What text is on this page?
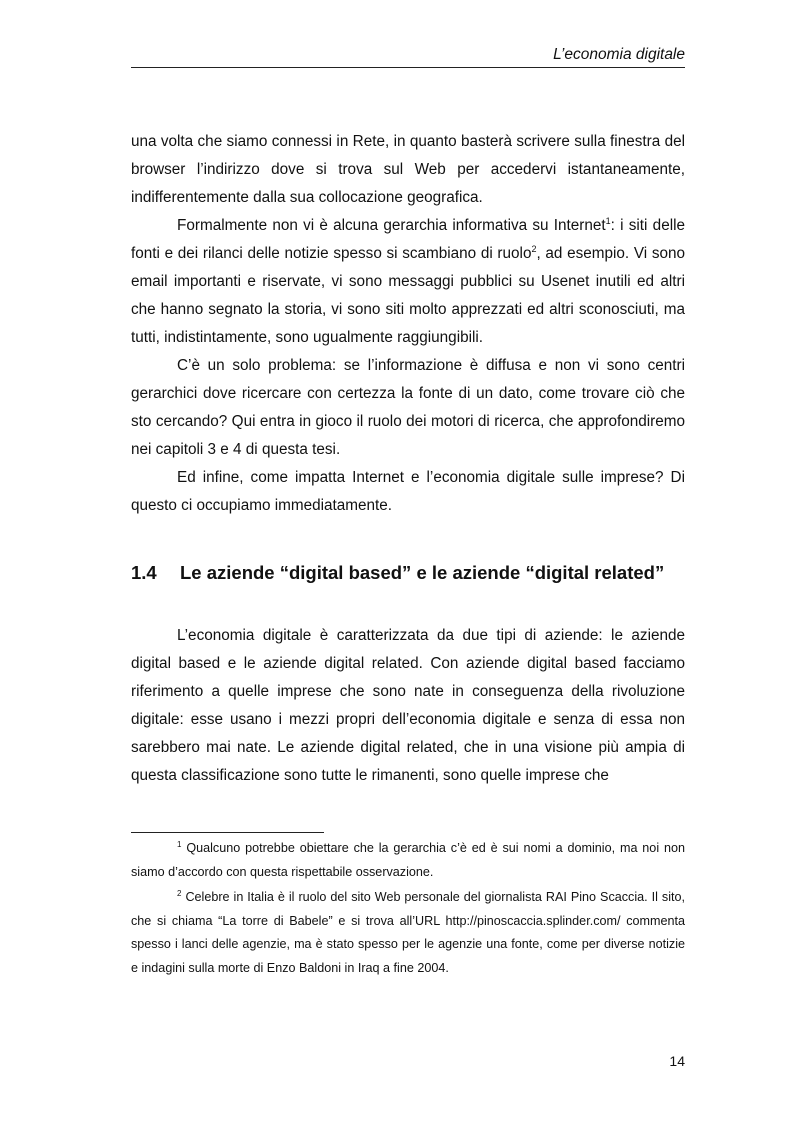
L’economia digitale

una volta che siamo connessi in Rete, in quanto basterà scrivere sulla finestra del browser l’indirizzo dove si trova sul Web per accedervi istantaneamente, indifferentemente dalla sua collocazione geografica.

Formalmente non vi è alcuna gerarchia informativa su Internet$^1$: i siti delle fonti e dei rilanci delle notizie spesso si scambiano di ruolo$^2$, ad esempio. Vi sono email importanti e riservate, vi sono messaggi pubblici su Usenet inutili ed altri che hanno segnato la storia, vi sono siti molto apprezzati ed altri sconosciuti, ma tutti, indistintamente, sono ugualmente raggiungibili.

C’è un solo problema: se l’informazione è diffusa e non vi sono centri gerarchici dove ricercare con certezza la fonte di un dato, come trovare ciò che sto cercando? Qui entra in gioco il ruolo dei motori di ricerca, che approfondiremo nei capitoli 3 e 4 di questa tesi.

Ed infine, come impatta Internet e l’economia digitale sulle imprese? Di questo ci occupiamo immediatamente.

1.4 Le aziende “digital based” e le aziende “digital related”

L’economia digitale è caratterizzata da due tipi di aziende: le aziende digital based e le aziende digital related. Con aziende digital based facciamo riferimento a quelle imprese che sono nate in conseguenza della rivoluzione digitale: esse usano i mezzi propri dell’economia digitale e senza di essa non sarebbero mai nate. Le aziende digital related, che in una visione più ampia di questa classificazione sono tutte le rimanenti, sono quelle imprese che

$^1$ Qualcuno potrebbe obiettare che la gerarchia c’è ed è sui nomi a dominio, ma noi non siamo d’accordo con questa rispettabile osservazione.

$^2$ Celebre in Italia è il ruolo del sito Web personale del giornalista RAI Pino Scaccia. Il sito, che si chiama “La torre di Babele” e si trova all’URL http://pinoscaccia.splinder.com/ commenta spesso i lanci delle agenzie, ma è stato spesso per le agenzie una fonte, come per diverse notizie e indagini sulla morte di Enzo Baldoni in Iraq a fine 2004.

14
